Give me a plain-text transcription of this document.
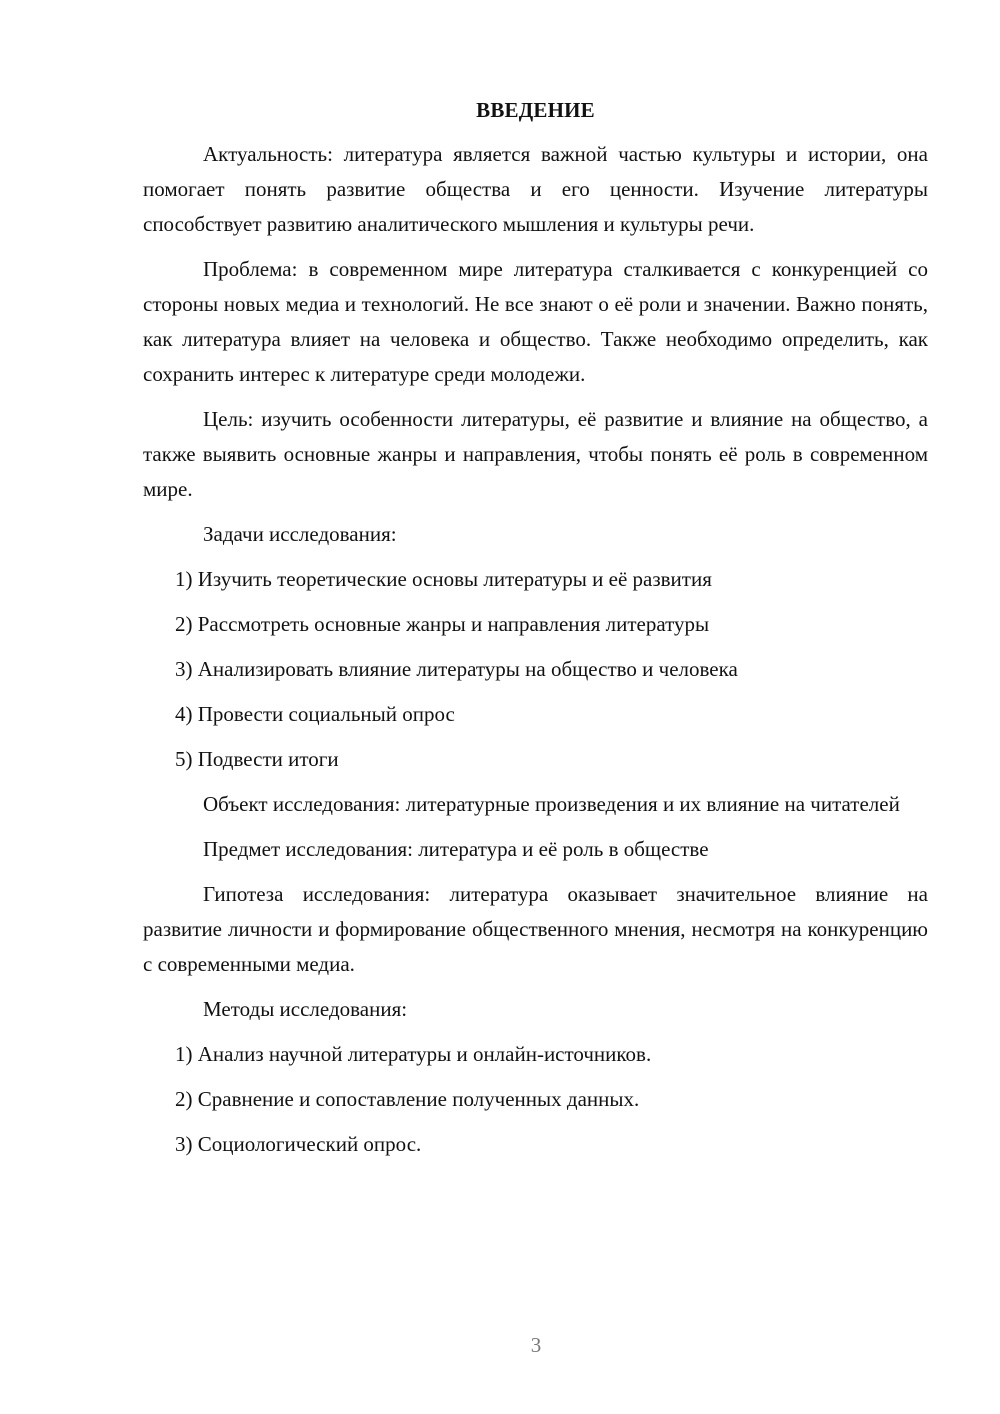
ВВЕДЕНИЕ

Актуальность: литература является важной частью культуры и истории, она помогает понять развитие общества и его ценности. Изучение литературы способствует развитию аналитического мышления и культуры речи.

Проблема: в современном мире литература сталкивается с конкуренцией со стороны новых медиа и технологий. Не все знают о её роли и значении. Важно понять, как литература влияет на человека и общество. Также необходимо определить, как сохранить интерес к литературе среди молодежи.

Цель: изучить особенности литературы, её развитие и влияние на общество, а также выявить основные жанры и направления, чтобы понять её роль в современном мире.

Задачи исследования:

1) Изучить теоретические основы литературы и её развития

2) Рассмотреть основные жанры и направления литературы

3) Анализировать влияние литературы на общество и человека

4) Провести социальный опрос

5) Подвести итоги

Объект исследования: литературные произведения и их влияние на читателей

Предмет исследования: литература и её роль в обществе

Гипотеза исследования: литература оказывает значительное влияние на развитие личности и формирование общественного мнения, несмотря на конкуренцию с современными медиа.

Методы исследования:

1) Анализ научной литературы и онлайн-источников.

2) Сравнение и сопоставление полученных данных.

3) Социологический опрос.

3
